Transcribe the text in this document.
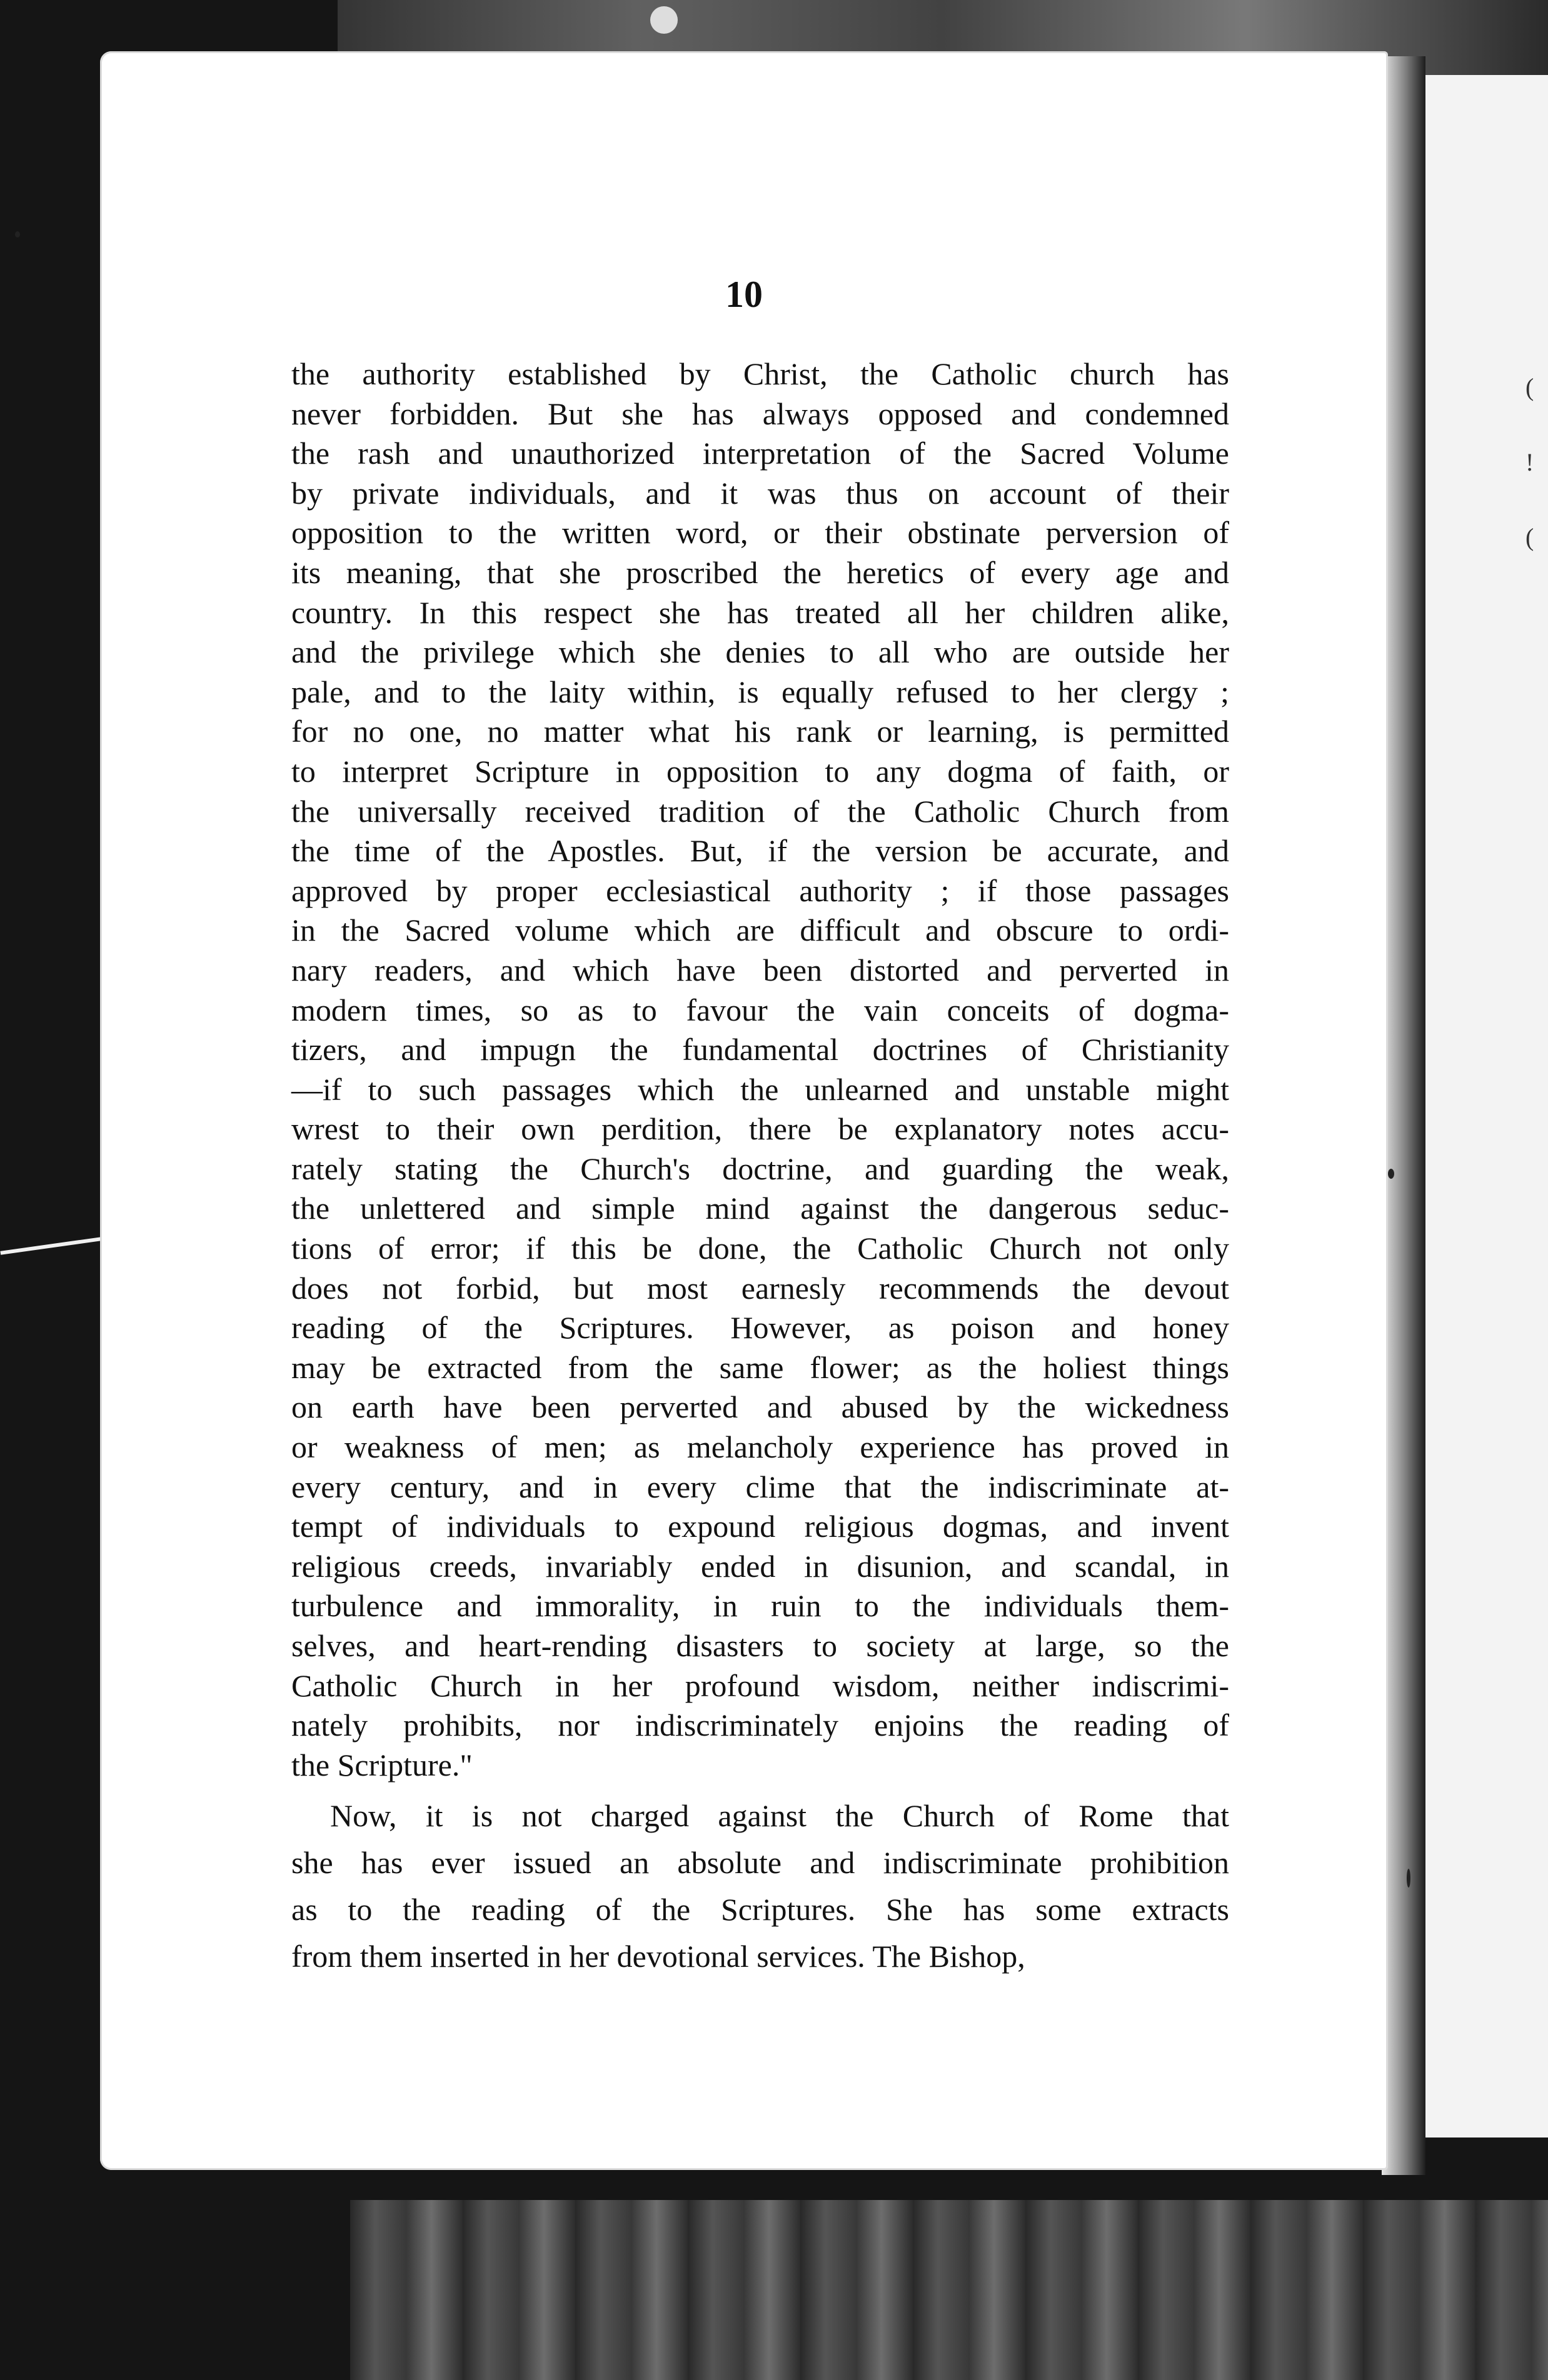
( ! (
10
the authority established by Christ, the Catholic church has
never forbidden. But she has always opposed and condemned
the rash and unauthorized interpretation of the Sacred Volume
by private individuals, and it was thus on account of their
opposition to the written word, or their obstinate perversion of
its meaning, that she proscribed the heretics of every age and
country. In this respect she has treated all her children alike,
and the privilege which she denies to all who are outside her
pale, and to the laity within, is equally refused to her clergy ;
for no one, no matter what his rank or learning, is permitted
to interpret Scripture in opposition to any dogma of faith, or
the universally received tradition of the Catholic Church from
the time of the Apostles. But, if the version be accurate, and
approved by proper ecclesiastical authority ; if those passages
in the Sacred volume which are difficult and obscure to ordi-
nary readers, and which have been distorted and perverted in
modern times, so as to favour the vain conceits of dogma-
tizers, and impugn the fundamental doctrines of Christianity
—if to such passages which the unlearned and unstable might
wrest to their own perdition, there be explanatory notes accu-
rately stating the Church's doctrine, and guarding the weak,
the unlettered and simple mind against the dangerous seduc-
tions of error; if this be done, the Catholic Church not only
does not forbid, but most earnesly recommends the devout
reading of the Scriptures. However, as poison and honey
may be extracted from the same flower; as the holiest things
on earth have been perverted and abused by the wickedness
or weakness of men; as melancholy experience has proved in
every century, and in every clime that the indiscriminate at-
tempt of individuals to expound religious dogmas, and invent
religious creeds, invariably ended in disunion, and scandal, in
turbulence and immorality, in ruin to the individuals them-
selves, and heart-rending disasters to society at large, so the
Catholic Church in her profound wisdom, neither indiscrimi-
nately prohibits, nor indiscriminately enjoins the reading of
the Scripture."
Now, it is not charged against the Church of Rome that
she has ever issued an absolute and indiscriminate prohibition
as to the reading of the Scriptures. She has some extracts
from them inserted in her devotional services. The Bishop,
